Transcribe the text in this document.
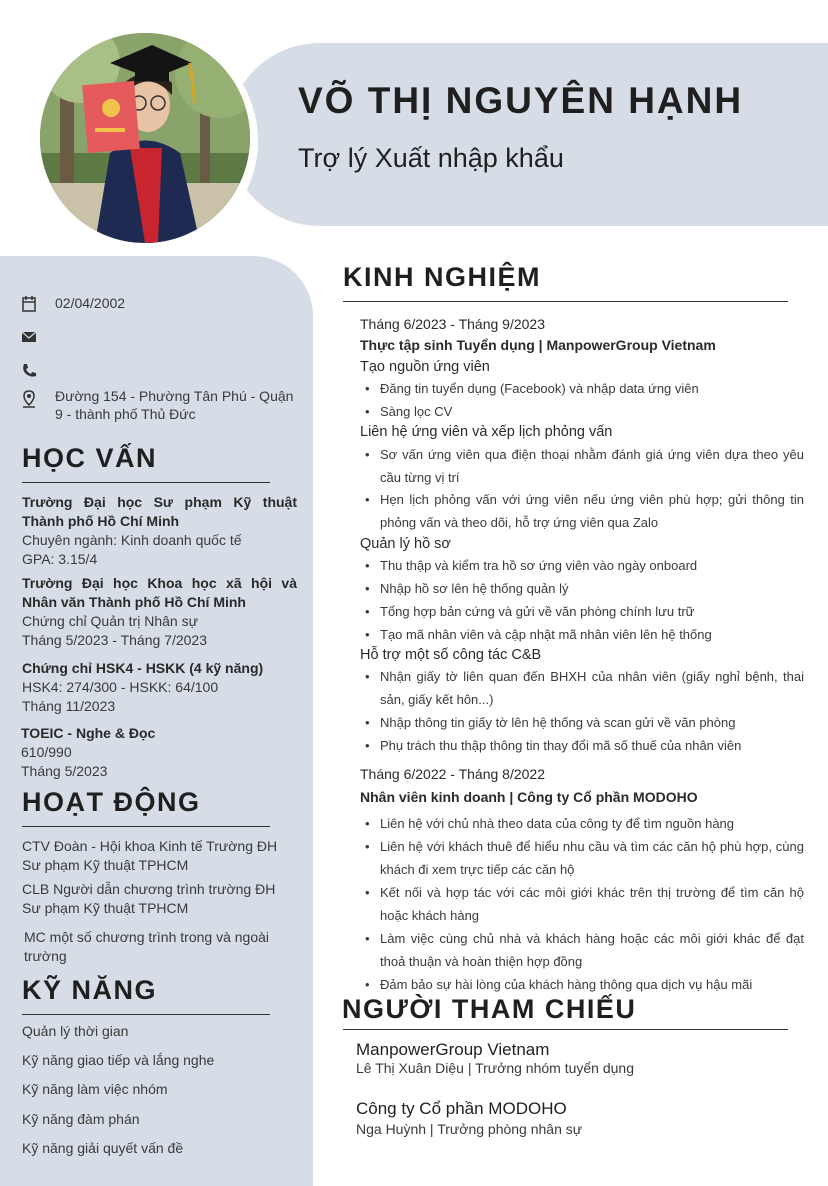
VÕ THỊ NGUYÊN HẠNH
Trợ lý Xuất nhập khẩu
02/04/2002
Đường 154 - Phường Tân Phú - Quận 9 - thành phố Thủ Đức
HỌC VẤN
Trường Đại học Sư phạm Kỹ thuật Thành phố Hồ Chí Minh
Chuyên ngành: Kinh doanh quốc tế
GPA: 3.15/4
Trường Đại học Khoa học xã hội và Nhân văn Thành phố Hồ Chí Minh
Chứng chỉ Quản trị Nhân sự
Tháng 5/2023 - Tháng 7/2023
Chứng chỉ HSK4 - HSKK (4 kỹ năng)
HSK4: 274/300 - HSKK: 64/100
Tháng 11/2023
TOEIC - Nghe & Đọc
610/990
Tháng 5/2023
HOẠT ĐỘNG
CTV Đoàn - Hội khoa Kinh tế Trường ĐH Sư phạm Kỹ thuật TPHCM
CLB Người dẫn chương trình trường ĐH Sư phạm Kỹ thuật TPHCM
MC một số chương trình trong và ngoài trường
KỸ NĂNG
Quản lý thời gian
Kỹ năng giao tiếp và lắng nghe
Kỹ năng làm việc nhóm
Kỹ năng đàm phán
Kỹ năng giải quyết vấn đề
KINH NGHIỆM
Tháng 6/2023 - Tháng 9/2023
Thực tập sinh Tuyển dụng | ManpowerGroup Vietnam
Tạo nguồn ứng viên
• Đăng tin tuyển dụng (Facebook) và nhập data ứng viên
• Sàng lọc CV
Liên hệ ứng viên và xếp lịch phỏng vấn
• Sơ vấn ứng viên qua điện thoại nhằm đánh giá ứng viên dựa theo yêu cầu từng vị trí
• Hẹn lịch phỏng vấn với ứng viên nếu ứng viên phù hợp; gửi thông tin phỏng vấn và theo dõi, hỗ trợ ứng viên qua Zalo
Quản lý hồ sơ
• Thu thập và kiểm tra hồ sơ ứng viên vào ngày onboard
• Nhập hồ sơ lên hệ thống quản lý
• Tổng hợp bản cứng và gửi về văn phòng chính lưu trữ
• Tạo mã nhân viên và cập nhật mã nhân viên lên hệ thống
Hỗ trợ một số công tác C&B
• Nhận giấy tờ liên quan đến BHXH của nhân viên (giấy nghỉ bệnh, thai sản, giấy kết hôn...)
• Nhập thông tin giấy tờ lên hệ thống và scan gửi về văn phòng
• Phụ trách thu thập thông tin thay đổi mã số thuế của nhân viên
Tháng 6/2022 - Tháng 8/2022
Nhân viên kinh doanh | Công ty Cổ phần MODOHO
• Liên hệ với chủ nhà theo data của công ty để tìm nguồn hàng
• Liên hệ với khách thuê để hiểu nhu cầu và tìm các căn hộ phù hợp, cùng khách đi xem trực tiếp các căn hộ
• Kết nối và hợp tác với các môi giới khác trên thị trường để tìm căn hộ hoặc khách hàng
• Làm việc cùng chủ nhà và khách hàng hoặc các môi giới khác để đạt thoả thuận và hoàn thiện hợp đồng
• Đảm bảo sự hài lòng của khách hàng thông qua dịch vụ hậu mãi
NGƯỜI THAM CHIẾU
ManpowerGroup Vietnam
Lê Thị Xuân Diệu | Trưởng nhóm tuyển dụng
Công ty Cổ phần MODOHO
Nga Huỳnh | Trưởng phòng nhân sự
